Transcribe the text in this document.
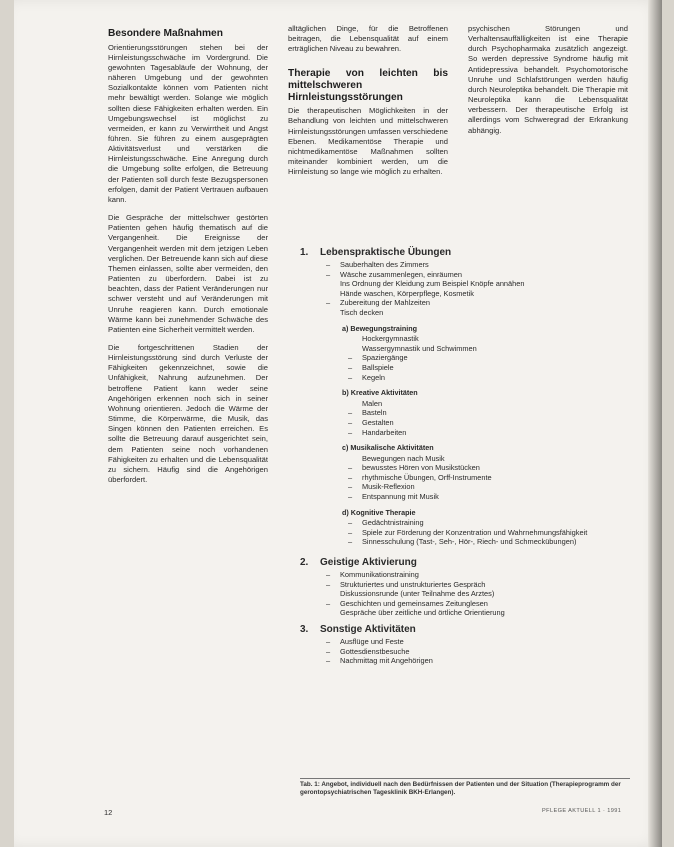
Besondere Maßnahmen

Orientierungsstörungen stehen bei der Hirnleistungsschwäche im Vordergrund. Die gewohnten Tagesabläufe der Wohnung, der näheren Umgebung und der gewohnten Sozialkontakte können vom Patienten nicht mehr bewältigt werden. Solange wie möglich sollten diese Fähigkeiten erhalten werden. Ein Umgebungswechsel ist möglichst zu vermeiden, er kann zu Verwirrtheit und Angst führen. Sie führen zu einem ausgeprägten Aktivitätsverlust und verstärken die Hirnleistungsschwäche. Eine Anregung durch die Umgebung sollte erfolgen, die Betreuung der Patienten soll durch feste Bezugspersonen erfolgen, damit der Patient Vertrauen aufbauen kann.

Die Gespräche der mittelschwer gestörten Patienten gehen häufig thematisch auf die Vergangenheit. Die Ereignisse der Vergangenheit werden mit dem jetzigen Leben verglichen. Der Betreuende kann sich auf diese Themen einlassen, sollte aber vermeiden, den Patienten zu überfordern. Dabei ist zu beachten, dass der Patient Veränderungen nur schwer versteht und auf Veränderungen mit Unruhe reagieren kann. Durch emotionale Wärme kann bei zunehmender Schwäche des Patienten eine Sicherheit vermittelt werden.

Die fortgeschrittenen Stadien der Hirnleistungsstörung sind durch Verluste der Fähigkeiten gekennzeichnet, sowie die Unfähigkeit, Nahrung aufzunehmen. Der betroffene Patient kann weder seine Angehörigen erkennen noch sich in seiner Wohnung orientieren. Jedoch die Wärme der Stimme, die Körperwärme, die Musik, das Singen können den Patienten erreichen. Es sollte die Betreuung darauf ausgerichtet sein, dem Patienten seine noch vorhandenen Fähigkeiten zu erhalten und die Lebensqualität zu sichern. Häufig sind die Angehörigen überfordert.

alltäglichen Dinge, für die Betroffenen beitragen, die Lebensqualität auf einem erträglichen Niveau zu bewahren.

Therapie von leichten bis mittelschweren Hirnleistungsstörungen

Die therapeutischen Möglichkeiten in der Behandlung von leichten und mittelschweren Hirnleistungsstörungen umfassen verschiedene Ebenen. Medikamentöse Therapie und nichtmedikamentöse Maßnahmen sollten miteinander kombiniert werden, um die Hirnleistung so lange wie möglich zu erhalten.

psychischen Störungen und Verhaltensauffälligkeiten ist eine Therapie durch Psychopharmaka zusätzlich angezeigt. So werden depressive Syndrome häufig mit Antidepressiva behandelt. Psychomotorische Unruhe und Schlafstörungen werden häufig durch Neuroleptika behandelt. Die Therapie mit Neuroleptika kann die Lebensqualität verbessern. Der therapeutische Erfolg ist allerdings vom Schweregrad der Erkrankung abhängig.

1.	Lebenspraktische Übungen
– Sauberhalten des Zimmers
– Wäsche zusammenlegen, einräumen
Ins Ordnung der Kleidung zum Beispiel Knöpfe annähen
Hände waschen, Körperpflege, Kosmetik
– Zubereitung der Mahlzeiten
Tisch decken
a) Bewegungstraining
Hockergymnastik
Wassergymnastik und Schwimmen
– Spaziergänge
– Ballspiele
– Kegeln
b) Kreative Aktivitäten
Malen
– Basteln
– Gestalten
– Handarbeiten
c) Musikalische Aktivitäten
Bewegungen nach Musik
– bewusstes Hören von Musikstücken
– rhythmische Übungen, Orff-Instrumente
– Musik-Reflexion
– Entspannung mit Musik
d) Kognitive Therapie
– Gedächtnistraining
– Spiele zur Förderung der Konzentration und Wahrnehmungsfähigkeit
– Sinnesschulung (Tast-, Seh-, Hör-, Riech- und Schmeckübungen)
2.	Geistige Aktivierung
– Kommunikationstraining
– Strukturiertes und unstrukturiertes Gespräch
Diskussionsrunde (unter Teilnahme des Arztes)
– Geschichten und gemeinsames Zeitunglesen
Gespräche über zeitliche und örtliche Orientierung
3.	Sonstige Aktivitäten
– Ausflüge und Feste
– Gottesdienstbesuche
– Nachmittag mit Angehörigen
Tab. 1: Angebot, individuell nach den Bedürfnissen der Patienten und der Situation (Therapieprogramm der gerontopsychiatrischen Tagesklinik BKH-Erlangen).
12	PFLEGE AKTUELL 1 · 1991
